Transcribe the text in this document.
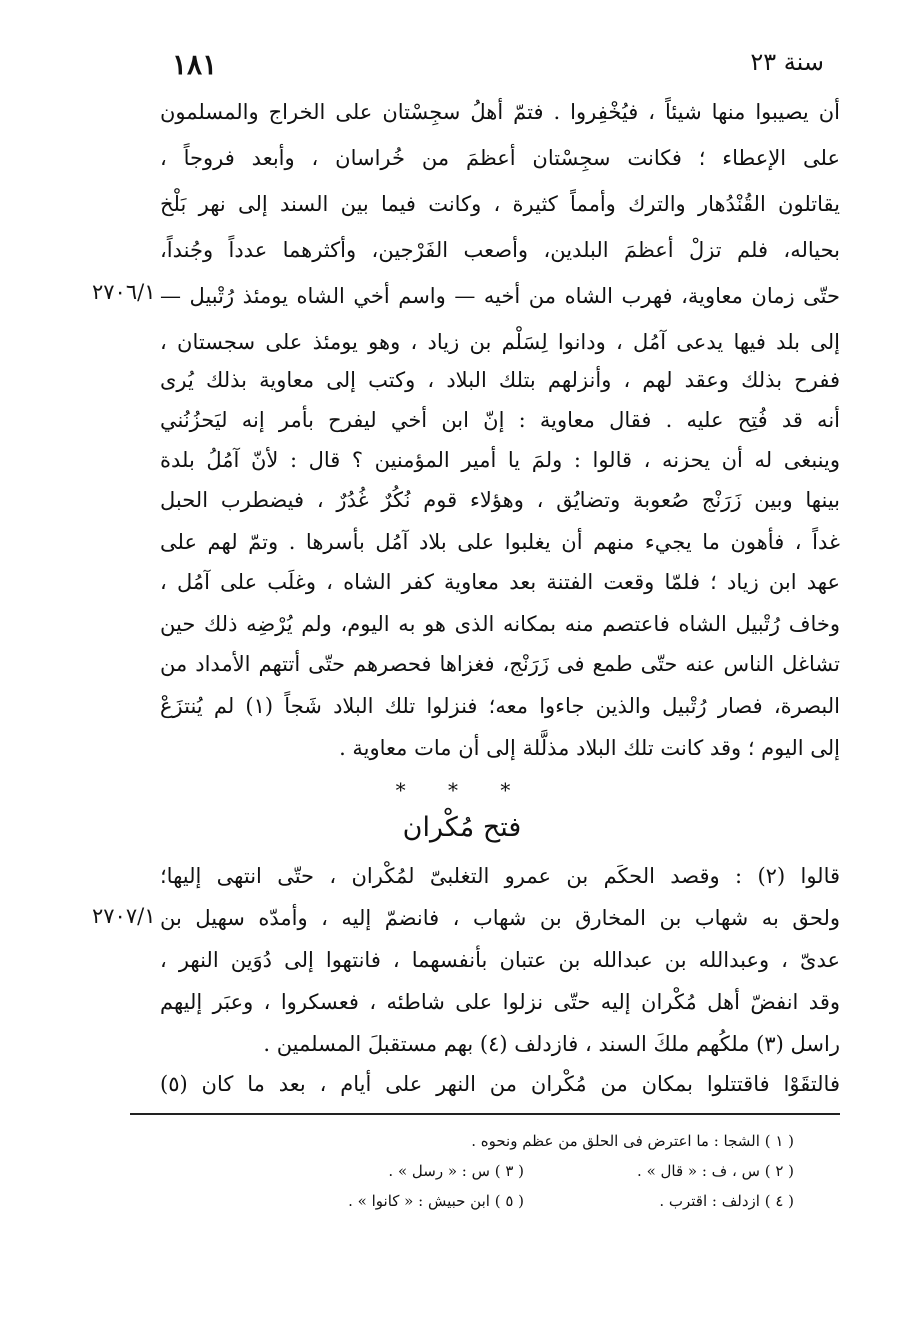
سنة ٢٣
١٨١
أن يصيبوا منها شيئاً ، فيُخْفِروا . فتمّ أهلُ سجِسْتان على الخراج والمسلمون
على الإعطاء ؛ فكانت سجِسْتان أعظمَ من خُراسان ، وأبعد فروجاً ،
يقاتلون القُنْدُهار والترك وأمماً كثيرة ، وكانت فيما بين السند إلى نهر بَلْخ
بحياله، فلم تزلْ أعظمَ البلدين، وأصعب الفَرْجين، وأكثرهما عدداً وجُنداً،
حتّى زمان معاوية، فهرب الشاه من أخيه — واسم أخي الشاه يومئذ رُتْبيل —
إلى بلد فيها يدعى آمُل ، ودانوا لِسَلْم بن زياد ، وهو يومئذ على سجستان ،
ففرح بذلك وعقد لهم ، وأنزلهم بتلك البلاد ، وكتب إلى معاوية بذلك يُرى
أنه قد فُتِح عليه . فقال معاوية : إنّ ابن أخي ليفرح بأمر إنه ليَحزُنُني
وينبغى له أن يحزنه ، قالوا : ولمَ يا أمير المؤمنين ؟ قال : لأنّ آمُلُ بلدة
بينها وبين زَرَنْج صُعوبة وتضايُق ، وهؤلاء قوم نُكُرٌ غُدُرٌ ، فيضطرب الحبل
غداً ، فأهون ما يجيء منهم أن يغلبوا على بلاد آمُل بأسرها . وتمّ لهم على
عهد ابن زياد ؛ فلمّا وقعت الفتنة بعد معاوية كفر الشاه ، وغلَب على آمُل ،
وخاف رُتْبيل الشاه فاعتصم منه بمكانه الذى هو به اليوم، ولم يُرْضِه ذلك حين
تشاغل الناس عنه حتّى طمع فى زَرَنْج، فغزاها فحصرهم حتّى أتتهم الأمداد من
البصرة، فصار رُتْبيل والذين جاءوا معه؛ فنزلوا تلك البلاد شَجاً (١) لم يُنتزَعْ
إلى اليوم ؛ وقد كانت تلك البلاد مذلَّلة إلى أن مات معاوية .
قالوا (٢) : وقصد الحكَم بن عمرو التغلبىّ لمُكْران ، حتّى انتهى إليها؛
ولحق به شهاب بن المخارق بن شهاب ، فانضمّ إليه ، وأمدّه سهيل بن
عدىّ ، وعبدالله بن عبدالله بن عتبان بأنفسهما ، فانتهوا إلى دُوَين النهر ،
وقد انفضّ أهل مُكْران إليه حتّى نزلوا على شاطئه ، فعسكروا ، وعبَر إليهم
راسل (٣) ملكُهم ملكَ السند ، فازدلف (٤) بهم مستقبلَ المسلمين .
فالتقَوْا فاقتتلوا بمكان من مُكْران من النهر على أيام ، بعد ما كان (٥)
٢٧٠٦/١
٢٧٠٧/١
* * *
فتح مُكْران
( ١ ) الشجا : ما اعترض فى الحلق من عظم ونحوه .
( ٢ ) س ، ف : « قال » .
( ٣ ) س : « رسل » .
( ٤ ) ازدلف : اقترب .
( ٥ ) ابن حبيش : « كانوا » .
